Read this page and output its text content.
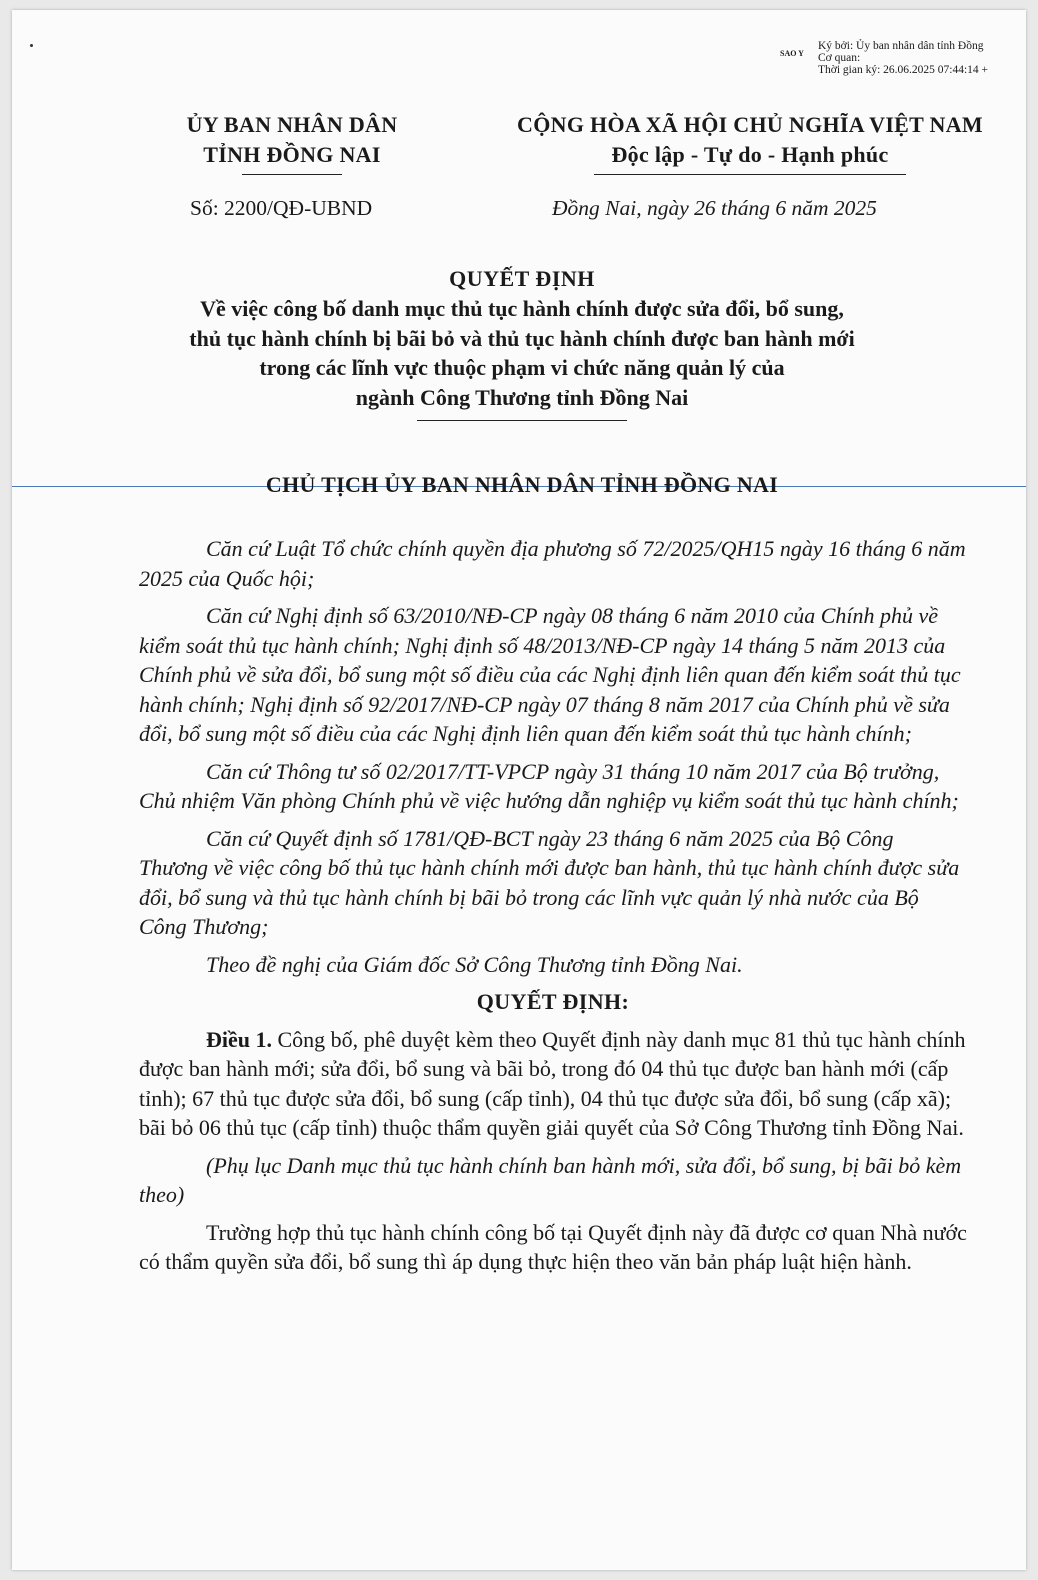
SAO Y
Ký bởi: Ủy ban nhân dân tỉnh Đồng
Cơ quan:
Thời gian ký: 26.06.2025 07:44:14 +
ỦY BAN NHÂN DÂN
TỈNH ĐỒNG NAI
CỘNG HÒA XÃ HỘI CHỦ NGHĨA VIỆT NAM
Độc lập - Tự do - Hạnh phúc
Số: 2200/QĐ-UBND	Đồng Nai, ngày 26 tháng 6 năm 2025
QUYẾT ĐỊNH
Về việc công bố danh mục thủ tục hành chính được sửa đổi, bổ sung,
thủ tục hành chính bị bãi bỏ và thủ tục hành chính được ban hành mới
trong các lĩnh vực thuộc phạm vi chức năng quản lý của
ngành Công Thương tỉnh Đồng Nai
CHỦ TỊCH ỦY BAN NHÂN DÂN TỈNH ĐỒNG NAI

Căn cứ Luật Tổ chức chính quyền địa phương số 72/2025/QH15 ngày 16 tháng 6 năm 2025 của Quốc hội;

Căn cứ Nghị định số 63/2010/NĐ-CP ngày 08 tháng 6 năm 2010 của Chính phủ về kiểm soát thủ tục hành chính; Nghị định số 48/2013/NĐ-CP ngày 14 tháng 5 năm 2013 của Chính phủ về sửa đổi, bổ sung một số điều của các Nghị định liên quan đến kiểm soát thủ tục hành chính; Nghị định số 92/2017/NĐ-CP ngày 07 tháng 8 năm 2017 của Chính phủ về sửa đổi, bổ sung một số điều của các Nghị định liên quan đến kiểm soát thủ tục hành chính;

Căn cứ Thông tư số 02/2017/TT-VPCP ngày 31 tháng 10 năm 2017 của Bộ trưởng, Chủ nhiệm Văn phòng Chính phủ về việc hướng dẫn nghiệp vụ kiểm soát thủ tục hành chính;

Căn cứ Quyết định số 1781/QĐ-BCT ngày 23 tháng 6 năm 2025 của Bộ Công Thương về việc công bố thủ tục hành chính mới được ban hành, thủ tục hành chính được sửa đổi, bổ sung và thủ tục hành chính bị bãi bỏ trong các lĩnh vực quản lý nhà nước của Bộ Công Thương;

Theo đề nghị của Giám đốc Sở Công Thương tỉnh Đồng Nai.

QUYẾT ĐỊNH:

Điều 1. Công bố, phê duyệt kèm theo Quyết định này danh mục 81 thủ tục hành chính được ban hành mới; sửa đổi, bổ sung và bãi bỏ, trong đó 04 thủ tục được ban hành mới (cấp tỉnh); 67 thủ tục được sửa đổi, bổ sung (cấp tỉnh), 04 thủ tục được sửa đổi, bổ sung (cấp xã); bãi bỏ 06 thủ tục (cấp tỉnh) thuộc thẩm quyền giải quyết của Sở Công Thương tỉnh Đồng Nai.

(Phụ lục Danh mục thủ tục hành chính ban hành mới, sửa đổi, bổ sung, bị bãi bỏ kèm theo)

Trường hợp thủ tục hành chính công bố tại Quyết định này đã được cơ quan Nhà nước có thẩm quyền sửa đổi, bổ sung thì áp dụng thực hiện theo văn bản pháp luật hiện hành.
